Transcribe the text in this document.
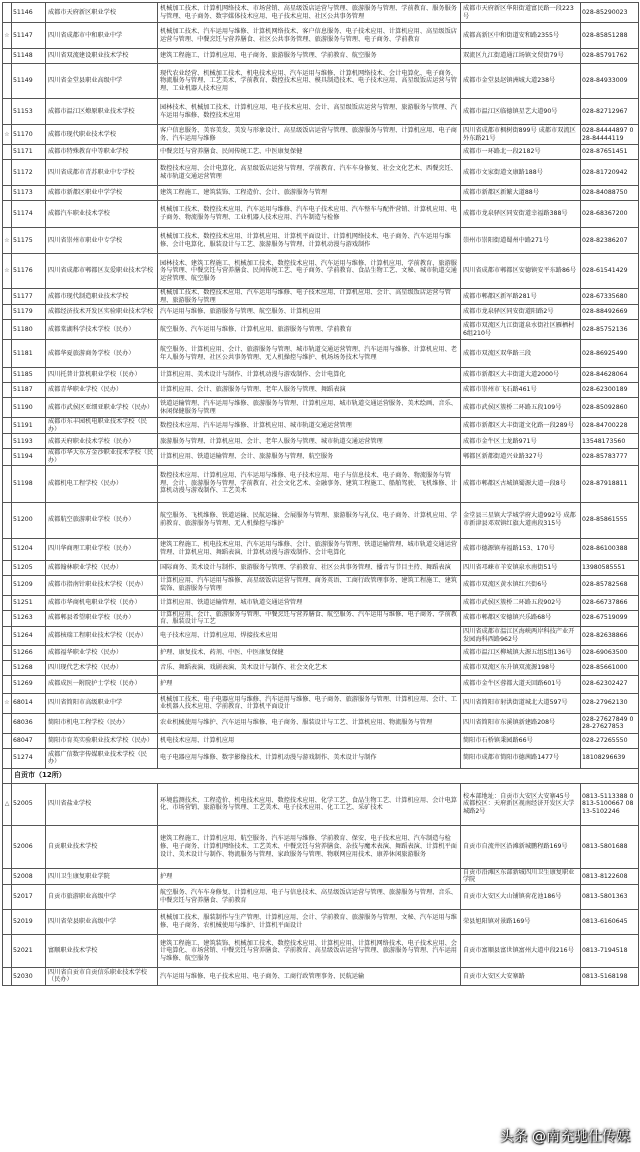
	51146	成都市天府新区职业学校	机械加工技术、计算机网络技术、市场营销、高星级饭店运营与管理、旅游服务与管理、学前教育、服务服务与管理、电子商务、数字媒体技术应用、电子技术应用、社区公共事务管理	成都市天府新区华阳街道富民路一段223号	028-85290023
☆	51147	四川省成都市中和职业中学	机械加工技术、汽车运用与维修、计算机网络技术、客户信息服务、电子技术应用、计算机应用、高星级饭店运营与管理、中餐烹饪与营养膳食、社区公共事务管理、旅游服务与管理、电子商务、学前教育	成都高新区中和街道安和路2355号	028-85851288
	51148	四川省双流建设职业技术学校	建筑工程施工、计算机应用、电子商务、旅游服务与管理、学前教育、航空服务	双流区九江街道通江场镇文贸街79号	028-85791762
	51149	四川省金堂县职业高级中学	现代农业经营、机械加工技术、机电技术应用、汽车运用与维修、计算机网络技术、会计电算化、电子商务、物流服务与管理、工艺美术、学前教育、数控技术应用、模具制造技术、电子技术应用、高星级饭店运营与管理、工业机器人技术应用	成都市金堂县赵镇洲城大道238号	028-84933009
	51153	成都市温江区燎原职业技术学校	园林技术、机械加工技术、计算机应用、电子技术应用、会计、高星级饭店运营与管理、旅游服务与管理、汽车运用与维修、数控技术应用	成都市温江区临德镇星艺大道90号	028-82712967
☆	51170	成都市现代职业技术学校	客户信息服务、美容美发、美发与形象设计、高星级饭店运营与管理、旅游服务与管理、计算机应用、电子商务、汽车运用与维修	四川省成都市枫树街899号 成都市双流区外东路21号	028-84444897 028-84444119
	51171	成都市特殊教育中等职业学校	中餐烹饪与营养膳食、民间传统工艺、中医康复保健	成都市一环路北一段2182号	028-87651451
	51172	四川省成都市青苏职业中专学校	数控技术应用、会计电算化、高星级饭店运营与管理、学前教育、汽车车身修复、社会文化艺术、西餐烹饪、城市轨道交通运营管理	成都市文家街道文康路188号	028-81720942
	51173	成都市新都区职业中学学校	建筑工程施工、建筑装饰、工程造价、会计、旅游服务与管理	成都市新都区新繁大道88号	028-84088750
	51174	成都汽车职业技术学校	机械加工技术、数控技术应用、汽车运用与维修、汽车电子技术应用、汽车整车与配件营销、计算机应用、电子商务、物流服务与管理、工业机器人技术应用、汽车制造与检修	成都市龙泉驿区同安街道幸福路388号	028-68367200
☆	51175	四川省崇州市职业中专学校	机械加工技术、数控技术应用、计算机应用、计算机平面设计、计算机网络技术、电子商务、汽车运用与维修、会计电算化、服装设计与工艺、旅游服务与管理、计算机动漫与游戏制作	崇州市崇阳街道蜀州中路271号	028-82386207
☆	51176	四川省成都市郫都区友爱职业技术学校	园林技术、建筑工程施工、机械加工技术、数控技术应用、汽车运用与维修、计算机应用、学前教育、旅游服务与管理、中餐烹饪与营养膳食、民间传统工艺、电子商务、学前教育、食品生物工艺、文秘、城市轨道交通运营管理、航空服务	四川省成都市郫都区安德镇安平东路86号	028-61541429
	51177	成都市现代制造职业技术学校	机械加工技术、数控技术应用、汽车运用与维修、电子技术应用、计算机应用、会计、高星级饭店运营与管理、旅游服务与管理	成都市郫都区新军路281号	028-67335680
	51179	成都经济技术开发区实验职业技术学校	汽车运用与维修、旅游服务与管理、航空服务、计算机应用	成都市龙泉驿区同安街道阳路2号	028-88492669
	51180	成都棠湖科学技术学校（民办）	航空服务、汽车运用与维修、计算机应用、旅游服务与管理、学前教育	成都市双流区九江街道泉水街社区雁栖村6组210号	028-85752136
	51181	成都华夏旅游商务学校（民办）	航空服务、计算机应用、会计、旅游服务与管理、城市轨道交通运营管理、汽车运用与维修、计算机应用、老年人服务与管理、社区公共事务管理、无人机操控与维护、机场场务技术与管理	成都市双流区双华路三段	028-86925490
	51185	四川托普计算机职业学校（民办）	计算机应用、美术设计与制作、计算机动漫与游戏制作、会计电算化	成都市新都区大丰街道大道2000号	028-84628064
	51187	成都青华职业学校（民办）	计算机应用、会计、旅游服务与管理、老年人服务与管理、舞蹈表演	成都市崇州市飞石路461号	028-62300189
	51190	成都市武侯区亚细亚职业学校（民办）	铁道运输管理、汽车运用与维修、旅游服务与管理、计算机应用、城市轨道交通运营服务、美术绘画、音乐、休闲保健服务与管理	成都市武侯区簇桥二环路五段109号	028-85092860
	51191	成都市东丰园机电职业技术学校（民办）	数控技术应用、汽车运用与维修、计算机应用、城市轨道交通运营管理	成都市新都区大丰街道文化路一段289号	028-84700228
	51193	成都天府职业技术学校（民办）	旅游服务与管理、计算机应用、会计、老年人服务与管理、城市轨道交通运营管理	成都市金牛区土龙路971号	13548173560
	51194	成都市华大东方金沙职业技术学校（民办）	计算机应用、铁道运输管理、会计、旅游服务与管理、航空服务	郫都区新都街道兴业路327号	028-85783777
	51198	成都机电工程学校（民办）	数控技术应用、计算机应用、汽车运用与维修、电子技术应用、电子与信息技术、电子商务、物流服务与管理、会计、旅游服务与管理、学前教育、社会文化艺术、金融事务、建筑工程施工、船舶驾驶、飞机维修、计算机动漫与游戏制作、工艺美术	成都市郫都区古城镇蜀源大道一段8号	028-87918811
	51200	成都航空旅游职业学校（民办）	航空服务、飞机维修、铁道运输、民航运输、会展服务与管理、旅游服务与礼仪、电子商务、计算机应用、学前教育、旅游服务与管理、无人机操控与维护	金堂县三星镇大学城学府大道992号 成都市新津县邓双镇红旗大道南段315号	028-85861555
	51204	四川华商理工职业学校（民办）	建筑工程施工、机电技术应用、汽车运用与维修、会计、旅游服务与管理、铁道运输管理、城市轨道交通运营管理、计算机应用、舞蹈表演、计算机动漫与游戏制作、会计电算化	成都市德源镇寿福路153、170号	028-86100388
	51205	成都翰林职业学校（民办）	国际商务、美术设计与制作、旅游服务与管理、学前教育、社区公共事务管理、播音与节目主持、舞蹈表演	四川省邛崃市羊安镇泉水南街51号	13980585551
	51209	成都市指南针职业技术学校（民办）	计算机应用、汽车运用与维修、高星级饭店运营与管理、商务英语、工商行政管理事务、建筑工程施工、建筑装饰、旅游服务与管理	成都市双流区黄水镇红兴街6号	028-85782568
	51251	成都市华商机电职业学校（民办）	计算机应用、铁道运输管理、城市轨道交通运营管理	成都市武侯区簇桥二环路五段902号	028-66737866
	51263	成都郫县希望职业学校（民办）	计算机应用、会计、旅游服务与管理、中餐烹饪与营养膳食、航空服务、汽车运用与维修、电子商务、学前教育、服装设计与工艺	成都市郫都区安德镇兴乐路68号	028-67519099
	51264	成都核瑞工程职业技术学校（民办）	电子技术应用、计算机应用、焊接技术应用	四川省成都市温江区海峡两岸科技产业开发园海科西路962号	028-82638866
	51266	成都福华职业学校（民办）	护理、康复技术、药剂、中医、中医康复保健	成都市温江区柳城镇大源五组5组136号	028-69063500
	51268	四川现代艺术学校（民办）	音乐、舞蹈表演、戏剧表演、美术设计与制作、社会文化艺术	成都市双流区东升镇双流源198号	028-85661000
	51269	成都成医一附院护士学校（民办）	护理	成都市金牛区蓉都大道天回路601号	028-62302427
☆	68014	四川省简阳市高级职业中学	机械加工技术、电子电器应用与维修、汽车运用与维修、电子商务、旅游服务与管理、计算机应用、会计、工业机器人技术应用、学前教育、计算机平面设计	四川省简阳市射洪街道城北大道597号	028-27962130
	68036	简阳市机电工程学校（民办）	农业机械使用与维护、汽车运用与维修、电子商务、服装设计与工艺、计算机应用、物流服务与管理	四川省简阳市东溪镇新建路208号	028-27627849 028-27627853
	68047	简阳市育英实验职业技术学校（民办）	机电技术应用、计算机应用	简阳市石桥镇秉园路66号	028-27265550
	51274	成都广信数字传媒职业技术学校（民办）	电子电器应用与维修、数字影像技术、计算机动漫与游戏制作、美术设计与制作	简阳市成都市简阳市德茜路1477号	18108296639
	自贡市（12所）				
△	52005	四川省盐业学校	环境监测技术、工程造价、机电技术应用、数控技术应用、化学工艺、食品生物工艺、计算机应用、会计电算化、市场营销、旅游服务与管理、工艺美术、电子技术应用、化工工艺、采矿技术	校本部地址：自贡市大安区大安寨45号 成都校区：天府新区视南经济开发区大学城路2号	0813-5113388 0813-5100667 0813-5102246
	52006	自贡职业技术学校	建筑工程施工、计算机应用、航空服务、汽车运用与维修、学前教育、保安、电子技术应用、汽车制造与检修、电子商务、计算机网络技术、工艺美术、中餐烹饪与营养膳食、杂技与魔术表演、舞蹈表演、计算机平面设计、美术设计与制作、物流服务与管理、家政服务与管理、物联网应用技术、康养休闲旅游服务	自贡市自流井区沿滩新城鹏程路169号	0813-5801688
	52008	四川卫生康复职业学院	护理	自贡市沿滩区东部新城四川卫生康复职业学院	0813-8122608
	52017	自贡市旅游职业高级中学	航空服务、汽车车身修复、计算机应用、电子与信息技术、高星级饭店运营与管理、旅游服务与管理、音乐、中餐烹饪与营养膳食、学前教育	自贡市大安区大山铺镇荷花池186号	0813-5801363
	52019	四川省荣县职业高级中学	机械加工技术、服装制作与生产管理、计算机应用、会计、学前教育、旅游服务与管理、文秘、汽车运用与维修、电子商务、农机械使用与维护、计算机平面设计	荣县旭阳镇对景路169号	0813-6160645
	52021	富顺职业技术学校	建筑工程施工、建筑装饰、机械加工技术、数控技术应用、计算机应用、计算机网络技术、电子技术应用、会计电算化、市场营销、中餐烹饪与营养膳食、学前教育、高星级饭店运营与管理、旅游服务与管理、汽车运用与维修、航空服务	自贡市富顺县富世镇富州大道中段216号	0813-7194518
	52030	四川省自贡市自贡信乐职业技术学校（民办）	汽车运用与维修、电子技术应用、电子商务、工商行政管理事务、民航运输	自贡市大安区大安寨路	0813-5168198
头条 @南充驰仕传媒
